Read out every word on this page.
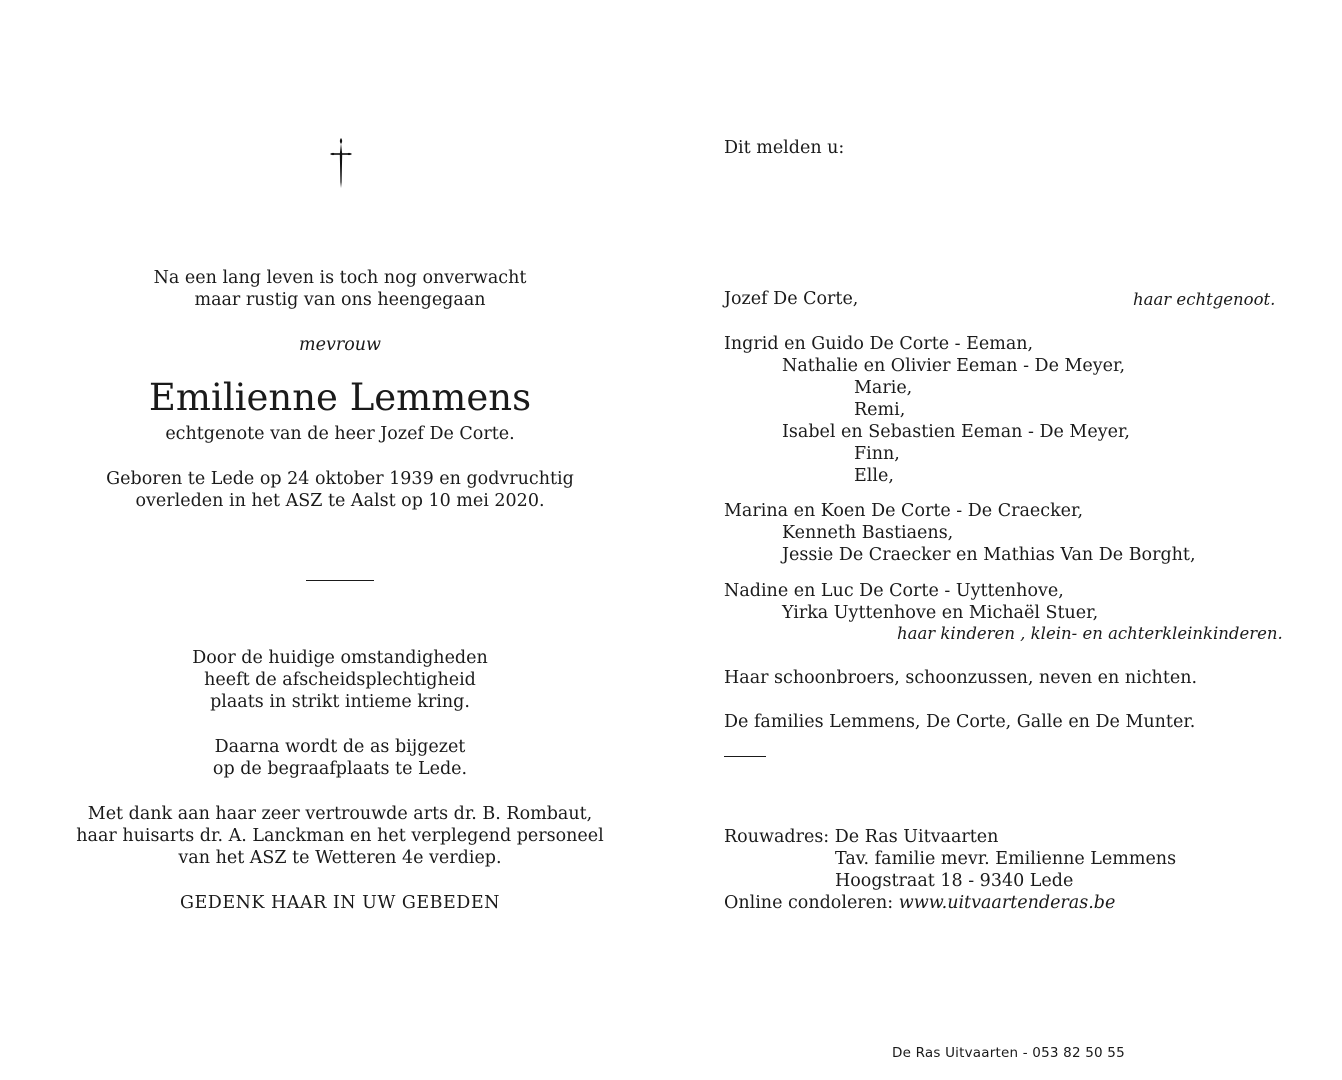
Na een lang leven is toch nog onverwacht
maar rustig van ons heengegaan
mevrouw
Emilienne Lemmens
echtgenote van de heer Jozef De Corte.
Geboren te Lede op 24 oktober 1939 en godvruchtig
overleden in het ASZ te Aalst op 10 mei 2020.
Door de huidige omstandigheden
heeft de afscheidsplechtigheid
plaats in strikt intieme kring.
Daarna wordt de as bijgezet
op de begraafplaats te Lede.
Met dank aan haar zeer vertrouwde arts dr. B. Rombaut,
haar huisarts dr. A. Lanckman en het verplegend personeel
van het ASZ te Wetteren 4e verdiep.
GEDENK HAAR IN UW GEBEDEN
Dit melden u:
Jozef De Corte,	haar echtgenoot.
Ingrid en Guido De Corte - Eeman,
Nathalie en Olivier Eeman - De Meyer,
Marie,
Remi,
Isabel en Sebastien Eeman - De Meyer,
Finn,
Elle,
Marina en Koen De Corte - De Craecker,
Kenneth Bastiaens,
Jessie De Craecker en Mathias Van De Borght,
Nadine en Luc De Corte - Uyttenhove,
Yirka Uyttenhove en Michaël Stuer,
haar kinderen , klein- en achterkleinkinderen.
Haar schoonbroers, schoonzussen, neven en nichten.
De families Lemmens, De Corte, Galle en De Munter.
Rouwadres: De Ras Uitvaarten
Tav. familie mevr. Emilienne Lemmens
Hoogstraat 18 - 9340 Lede
Online condoleren: www.uitvaartenderas.be
De Ras Uitvaarten - 053 82 50 55
